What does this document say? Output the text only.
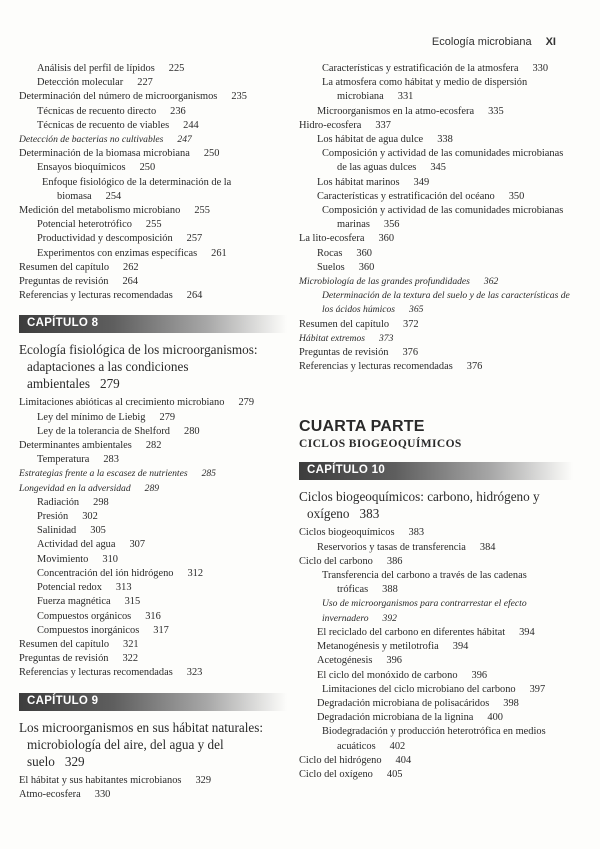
Ecología microbiana XI
Análisis del perfil de lípidos 225
Detección molecular 227
Determinación del número de microorganismos 235
Técnicas de recuento directo 236
Técnicas de recuento de viables 244
Detección de bacterias no cultivables 247
Determinación de la biomasa microbiana 250
Ensayos bioquímicos 250
Enfoque fisiológico de la determinación de la biomasa 254
Medición del metabolismo microbiano 255
Potencial heterotrófico 255
Productividad y descomposición 257
Experimentos con enzimas específicas 261
Resumen del capítulo 262
Preguntas de revisión 264
Referencias y lecturas recomendadas 264
CAPÍTULO 8
Ecología fisiológica de los microorganismos:
adaptaciones a las condiciones
ambientales 279
Limitaciones abióticas al crecimiento microbiano 279
Ley del mínimo de Liebig 279
Ley de la tolerancia de Shelford 280
Determinantes ambientales 282
Temperatura 283
Estrategias frente a la escasez de nutrientes 285
Longevidad en la adversidad 289
Radiación 298
Presión 302
Salinidad 305
Actividad del agua 307
Movimiento 310
Concentración del ión hidrógeno 312
Potencial redox 313
Fuerza magnética 315
Compuestos orgánicos 316
Compuestos inorgánicos 317
Resumen del capítulo 321
Preguntas de revisión 322
Referencias y lecturas recomendadas 323
CAPÍTULO 9
Los microorganismos en sus hábitat naturales:
microbiología del aire, del agua y del
suelo 329
El hábitat y sus habitantes microbianos 329
Atmo-ecosfera 330
Características y estratificación de la atmosfera 330
La atmosfera como hábitat y medio de dispersión microbiana 331
Microorganismos en la atmo-ecosfera 335
Hidro-ecosfera 337
Los hábitat de agua dulce 338
Composición y actividad de las comunidades microbianas de las aguas dulces 345
Los hábitat marinos 349
Características y estratificación del océano 350
Composición y actividad de las comunidades microbianas marinas 356
La lito-ecosfera 360
Rocas 360
Suelos 360
Microbiología de las grandes profundidades 362
Determinación de la textura del suelo y de las características de los ácidos húmicos 365
Resumen del capítulo 372
Hábitat extremos 373
Preguntas de revisión 376
Referencias y lecturas recomendadas 376
CUARTA PARTE
CICLOS BIOGEOQUÍMICOS
CAPÍTULO 10
Ciclos biogeoquímicos: carbono, hidrógeno y
oxígeno 383
Ciclos biogeoquímicos 383
Reservorios y tasas de transferencia 384
Ciclo del carbono 386
Transferencia del carbono a través de las cadenas tróficas 388
Uso de microorganismos para contrarrestar el efecto invernadero 392
El reciclado del carbono en diferentes hábitat 394
Metanogénesis y metilotrofia 394
Acetogénesis 396
El ciclo del monóxido de carbono 396
Limitaciones del ciclo microbiano del carbono 397
Degradación microbiana de polisacáridos 398
Degradación microbiana de la lignina 400
Biodegradación y producción heterotrófica en medios acuáticos 402
Ciclo del hidrógeno 404
Ciclo del oxígeno 405
